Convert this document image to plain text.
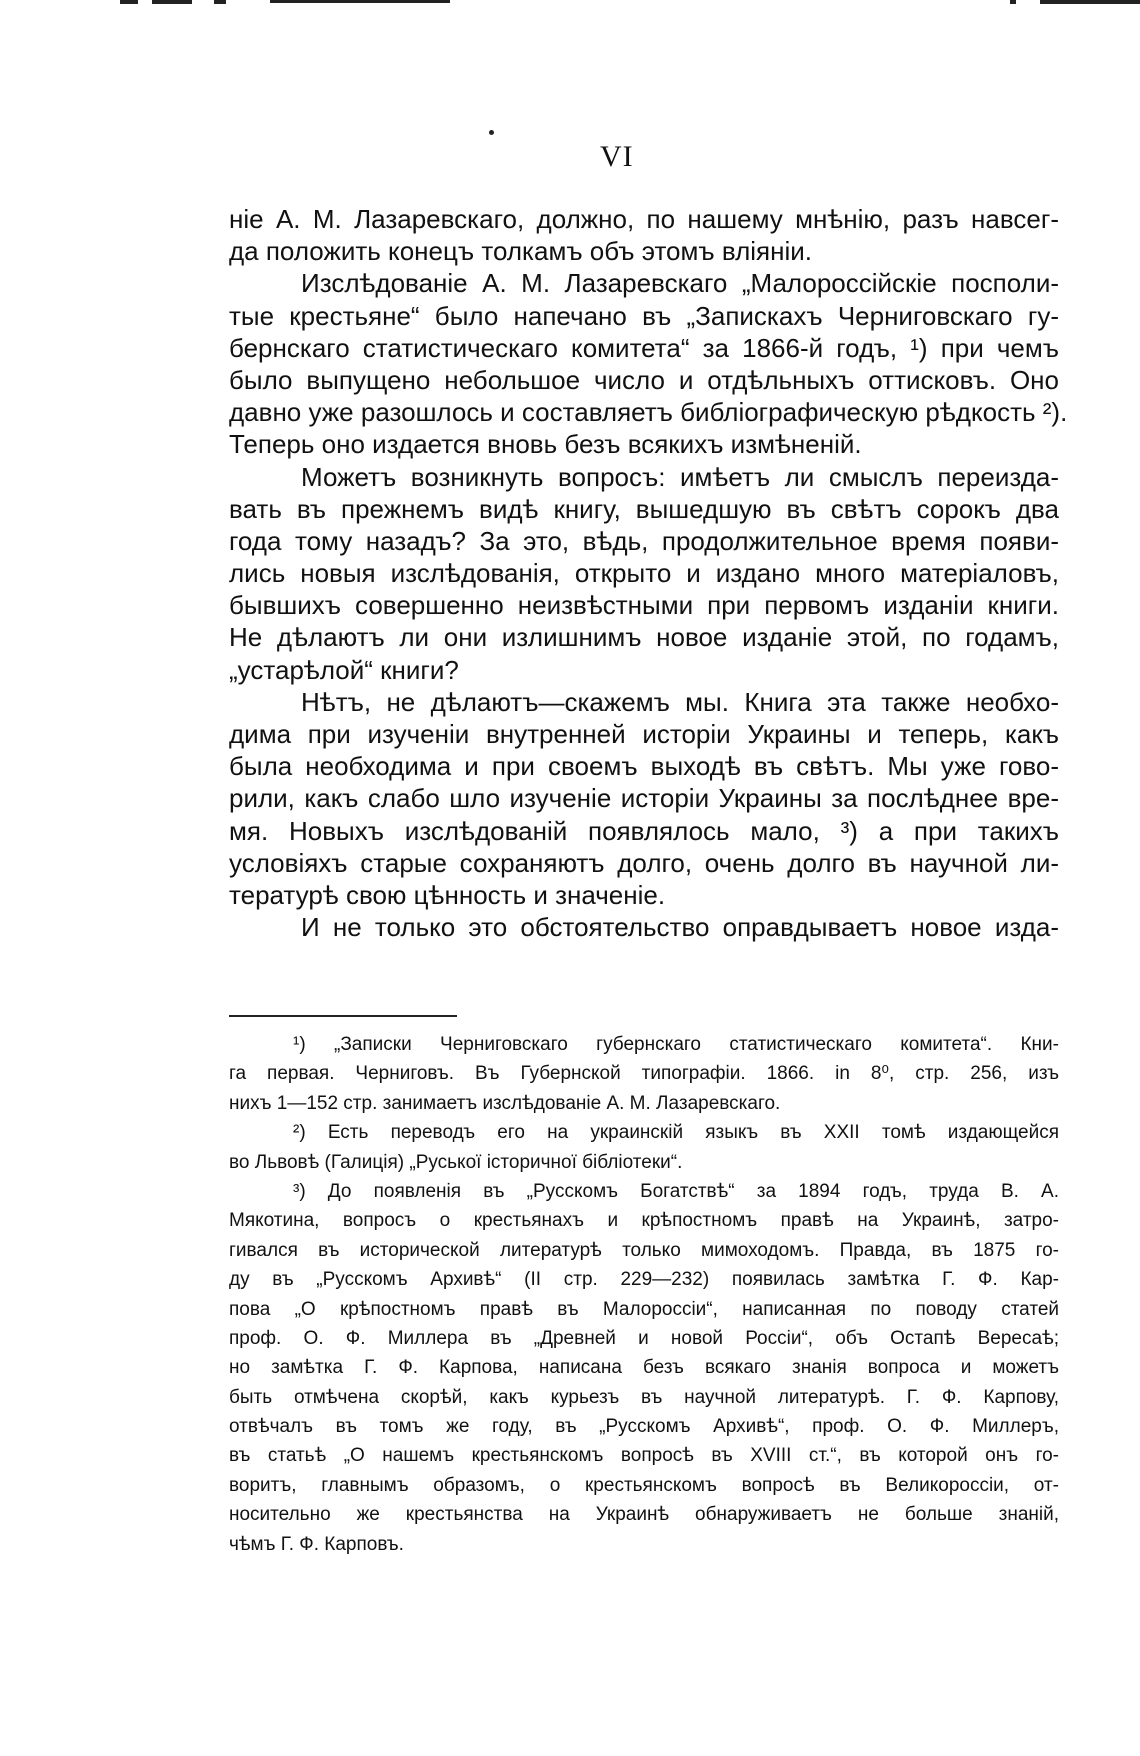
VI
ніе А. М. Лазаревскаго, должно, по нашему мнѣнію, разъ навсег-
да положить конецъ толкамъ объ этомъ вліяніи.
Изслѣдованіе А. М. Лазаревскаго „Малороссійскіе посполи-
тые крестьяне“ было напечано въ „Запискахъ Черниговскаго гу-
бернскаго статистическаго комитета“ за 1866-й годъ, ¹) при чемъ
было выпущено небольшое число и отдѣльныхъ оттисковъ. Оно
давно уже разошлось и составляетъ библіографическую рѣдкость ²).
Теперь оно издается вновь безъ всякихъ измѣненій.
Можетъ возникнуть вопросъ: имѣетъ ли смыслъ переизда-
вать въ прежнемъ видѣ книгу, вышедшую въ свѣтъ сорокъ два
года тому назадъ? За это, вѣдь, продолжительное время появи-
лись новыя изслѣдованія, открыто и издано много матеріаловъ,
бывшихъ совершенно неизвѣстными при первомъ изданіи книги.
Не дѣлаютъ ли они излишнимъ новое изданіе этой, по годамъ,
„устарѣлой“ книги?
Нѣтъ, не дѣлаютъ—скажемъ мы. Книга эта также необхо-
дима при изученіи внутренней исторіи Украины и теперь, какъ
была необходима и при своемъ выходѣ въ свѣтъ. Мы уже гово-
рили, какъ слабо шло изученіе исторіи Украины за послѣднее вре-
мя. Новыхъ изслѣдованій появлялось мало, ³) а при такихъ
условіяхъ старые сохраняютъ долго, очень долго въ научной ли-
тературѣ свою цѣнность и значеніе.
И не только это обстоятельство оправдываетъ новое изда-
¹) „Записки Черниговскаго губернскаго статистическаго комитета“. Кни-
га первая. Черниговъ. Въ Губернской типографіи. 1866. in 8⁰, стр. 256, изъ
нихъ 1—152 стр. занимаетъ изслѣдованіе А. М. Лазаревскаго.
²) Есть переводъ его на украинскій языкъ въ XXII томѣ издающейся
во Львовѣ (Галиція) „Руської історичної бібліотеки“.
³) До появленія въ „Русскомъ Богатствѣ“ за 1894 годъ, труда В. А.
Мякотина, вопросъ о крестьянахъ и крѣпостномъ правѣ на Украинѣ, затро-
гивался въ исторической литературѣ только мимоходомъ. Правда, въ 1875 го-
ду въ „Русскомъ Архивѣ“ (II стр. 229—232) появилась замѣтка Г. Ф. Кар-
пова „О крѣпостномъ правѣ въ Малороссіи“, написанная по поводу статей
проф. О. Ф. Миллера въ „Древней и новой Россіи“, объ Остапѣ Вересаѣ;
но замѣтка Г. Ф. Карпова, написана безъ всякаго знанія вопроса и можетъ
быть отмѣчена скорѣй, какъ курьезъ въ научной литературѣ. Г. Ф. Карпову,
отвѣчалъ въ томъ же году, въ „Русскомъ Архивѣ“, проф. О. Ф. Миллеръ,
въ статьѣ „О нашемъ крестьянскомъ вопросѣ въ XVIII ст.“, въ которой онъ го-
воритъ, главнымъ образомъ, о крестьянскомъ вопросѣ въ Великороссіи, от-
носительно же крестьянства на Украинѣ обнаруживаетъ не больше знаній,
чѣмъ Г. Ф. Карповъ.
